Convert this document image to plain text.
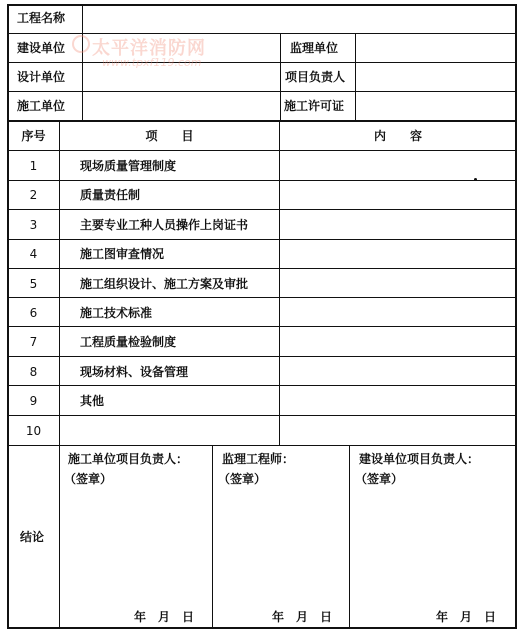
太平洋消防网
www.tpxf119.com
工程名称
建设单位	监理单位
设计单位	项目负责人
施工单位	施工许可证
序号	项　　目	内　　容
1	现场质量管理制度
2	质量责任制
3	主要专业工种人员操作上岗证书
4	施工图审查情况
5	施工组织设计、施工方案及审批
6	施工技术标准
7	工程质量检验制度
8	现场材料、设备管理
9	其他
10
结论
施工单位项目负责人：
（签章）
年　月　日
监理工程师：
（签章）
年　月　日
建设单位项目负责人：
（签章）
年　月　日
